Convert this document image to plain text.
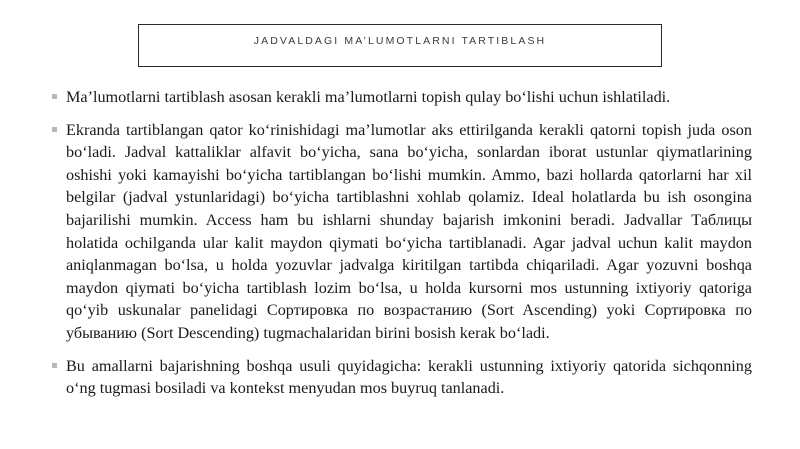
JADVALDAGI MA’LUMOTLARNI TARTIBLASH
Ma’lumotlarni tartiblash asosan kerakli ma’lumotlarni topish qulay bo‘lishi uchun ishlatiladi.
Ekranda tartiblangan qator ko‘rinishidagi ma’lumotlar aks ettirilganda kerakli qatorni topish juda oson bo‘ladi. Jadval kattaliklar alfavit bo‘yicha, sana bo‘yicha, sonlardan iborat ustunlar qiymatlarining oshishi yoki kamayishi bo‘yicha tartiblangan bo‘lishi mumkin. Ammo, bazi hollarda qatorlarni har xil belgilar (jadval ystunlaridagi) bo‘yicha tartiblashni xohlab qolamiz. Ideal holatlarda bu ish osongina bajarilishi mumkin. Access ham bu ishlarni shunday bajarish imkonini beradi. Jadvallar Таблицы holatida ochilganda ular kalit maydon qiymati bo‘yicha tartiblanadi. Agar jadval uchun kalit maydon aniqlanmagan bo‘lsa, u holda yozuvlar jadvalga kiritilgan tartibda chiqariladi. Agar yozuvni boshqa maydon qiymati bo‘yicha tartiblash lozim bo‘lsa, u holda kursorni mos ustunning ixtiyoriy qatoriga qo‘yib uskunalar panelidagi Сортировка по возрастанию (Sort Ascending) yoki Сортировка по убыванию (Sort Descending) tugmachalaridan birini bosish kerak bo‘ladi.
Bu amallarni bajarishning boshqa usuli quyidagicha: kerakli ustunning ixtiyoriy qatorida sichqonning o‘ng tugmasi bosiladi va kontekst menyudan mos buyruq tanlanadi.
